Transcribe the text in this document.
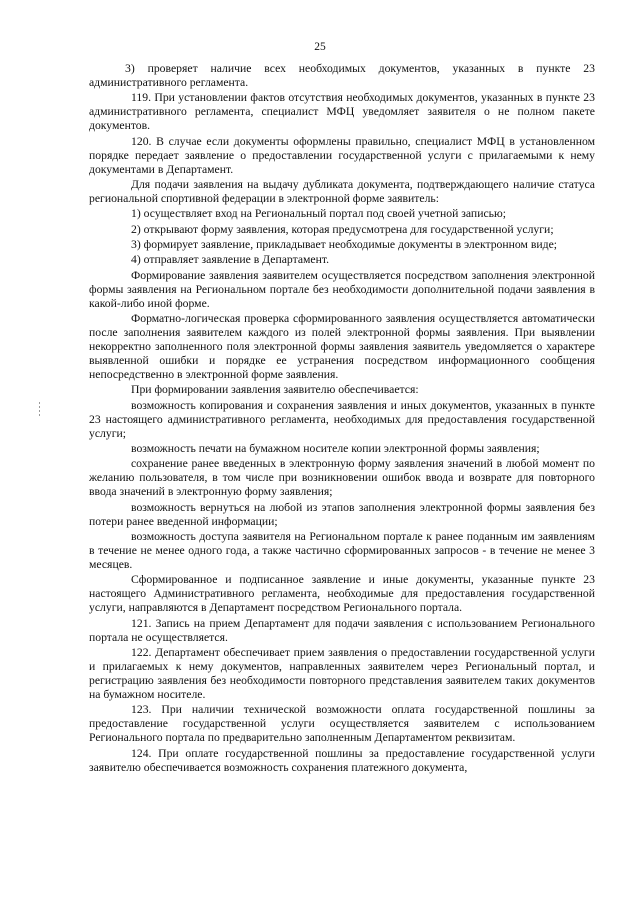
25

3) проверяет наличие всех необходимых документов, указанных в пункте 23 административного регламента.

119. При установлении фактов отсутствия необходимых документов, указанных в пункте 23 административного регламента, специалист МФЦ уведомляет заявителя о не полном пакете документов.

120. В случае если документы оформлены правильно, специалист МФЦ в установленном порядке передает заявление о предоставлении государственной услуги с прилагаемыми к нему документами в Департамент.

Для подачи заявления на выдачу дубликата документа, подтверждающего наличие статуса региональной спортивной федерации в электронной форме заявитель:

1) осуществляет вход на Региональный портал под своей учетной записью;

2) открывают форму заявления, которая предусмотрена для государственной услуги;

3) формирует заявление, прикладывает необходимые документы в электронном виде;

4) отправляет заявление в Департамент.

Формирование заявления заявителем осуществляется посредством заполнения электронной формы заявления на Региональном портале без необходимости дополнительной подачи заявления в какой-либо иной форме.

Форматно-логическая проверка сформированного заявления осуществляется автоматически после заполнения заявителем каждого из полей электронной формы заявления. При выявлении некорректно заполненного поля электронной формы заявления заявитель уведомляется о характере выявленной ошибки и порядке ее устранения посредством информационного сообщения непосредственно в электронной форме заявления.

При формировании заявления заявителю обеспечивается:

возможность копирования и сохранения заявления и иных документов, указанных в пункте 23 настоящего административного регламента, необходимых для предоставления государственной услуги;

возможность печати на бумажном носителе копии электронной формы заявления;

сохранение ранее введенных в электронную форму заявления значений в любой момент по желанию пользователя, в том числе при возникновении ошибок ввода и возврате для повторного ввода значений в электронную форму заявления;

возможность вернуться на любой из этапов заполнения электронной формы заявления без потери ранее введенной информации;

возможность доступа заявителя на Региональном портале к ранее поданным им заявлениям в течение не менее одного года, а также частично сформированных запросов - в течение не менее 3 месяцев.

Сформированное и подписанное заявление и иные документы, указанные пункте 23 настоящего Административного регламента, необходимые для предоставления государственной услуги, направляются в Департамент посредством Регионального портала.

121. Запись на прием Департамент для подачи заявления с использованием Регионального портала не осуществляется.

122. Департамент обеспечивает прием заявления о предоставлении государственной услуги и прилагаемых к нему документов, направленных заявителем через Региональный портал, и регистрацию заявления без необходимости повторного представления заявителем таких документов на бумажном носителе.

123. При наличии технической возможности оплата государственной пошлины за предоставление государственной услуги осуществляется заявителем с использованием Регионального портала по предварительно заполненным Департаментом реквизитам.

124. При оплате государственной пошлины за предоставление государственной услуги заявителю обеспечивается возможность сохранения платежного документа,
